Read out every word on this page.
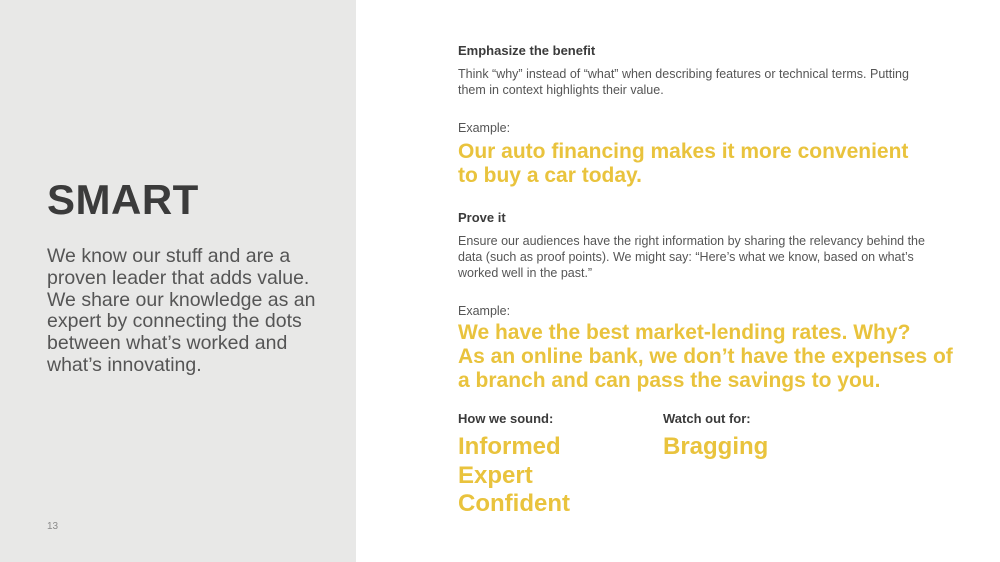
SMART

We know our stuff and are a
proven leader that adds value.
We share our knowledge as an
expert by connecting the dots
between what’s worked and
what’s innovating.

13
Emphasize the benefit

Think “why” instead of “what” when describing features or technical terms. Putting
them in context highlights their value.

Example:

Our auto financing makes it more convenient
to buy a car today.

Prove it

Ensure our audiences have the right information by sharing the relevancy behind the
data (such as proof points). We might say: “Here’s what we know, based on what’s
worked well in the past.”

Example:

We have the best market-lending rates. Why?
As an online bank, we don’t have the expenses of
a branch and can pass the savings to you.

How we sound:

Informed
Expert
Confident

Watch out for:

Bragging
